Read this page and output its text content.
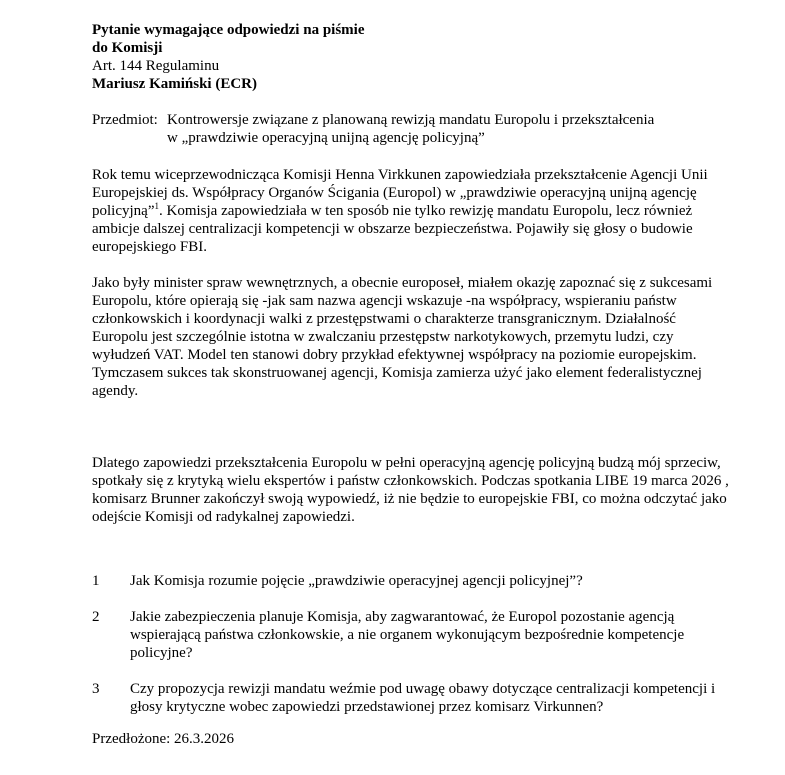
Pytanie wymagające odpowiedzi na piśmie

do Komisji

Art. 144 Regulaminu

Mariusz Kamiński (ECR)

Przedmiot: Kontrowersje związane z planowaną rewizją mandatu Europolu i przekształcenia
w „prawdziwie operacyjną unijną agencję policyjną”

Rok temu wiceprzewodnicząca Komisji Henna Virkkunen zapowiedziała przekształcenie Agencji Unii Europejskiej ds. Współpracy Organów Ścigania (Europol) w „prawdziwie operacyjną unijną agencję policyjną”$^1$. Komisja zapowiedziała w ten sposób nie tylko rewizję mandatu Europolu, lecz również ambicje dalszej centralizacji kompetencji w obszarze bezpieczeństwa. Pojawiły się głosy o budowie europejskiego FBI.

Jako były minister spraw wewnętrznych, a obecnie europoseł, miałem okazję zapoznać się z sukcesami Europolu, które opierają się -jak sam nazwa agencji wskazuje -na współpracy, wspieraniu państw członkowskich i koordynacji walki z przestępstwami o charakterze transgranicznym. Działalność Europolu jest szczególnie istotna w zwalczaniu przestępstw narkotykowych, przemytu ludzi, czy wyłudzeń VAT. Model ten stanowi dobry przykład efektywnej współpracy na poziomie europejskim. Tymczasem sukces tak skonstruowanej agencji, Komisja zamierza użyć jako element federalistycznej agendy.

Dlatego zapowiedzi przekształcenia Europolu w pełni operacyjną agencję policyjną budzą mój sprzeciw, spotkały się z krytyką wielu ekspertów i państw członkowskich. Podczas spotkania LIBE 19 marca 2026 , komisarz Brunner zakończył swoją wypowiedź, iż nie będzie to europejskie FBI, co można odczytać jako odejście Komisji od radykalnej zapowiedzi.

1	Jak Komisja rozumie pojęcie „prawdziwie operacyjnej agencji policyjnej”?
2	Jakie zabezpieczenia planuje Komisja, aby zagwarantować, że Europol pozostanie agencją wspierającą państwa członkowskie, a nie organem wykonującym bezpośrednie kompetencje policyjne?
3	Czy propozycja rewizji mandatu weźmie pod uwagę obawy dotyczące centralizacji kompetencji i głosy krytyczne wobec zapowiedzi przedstawionej przez komisarz Virkunnen?

Przedłożone: 26.3.2026
